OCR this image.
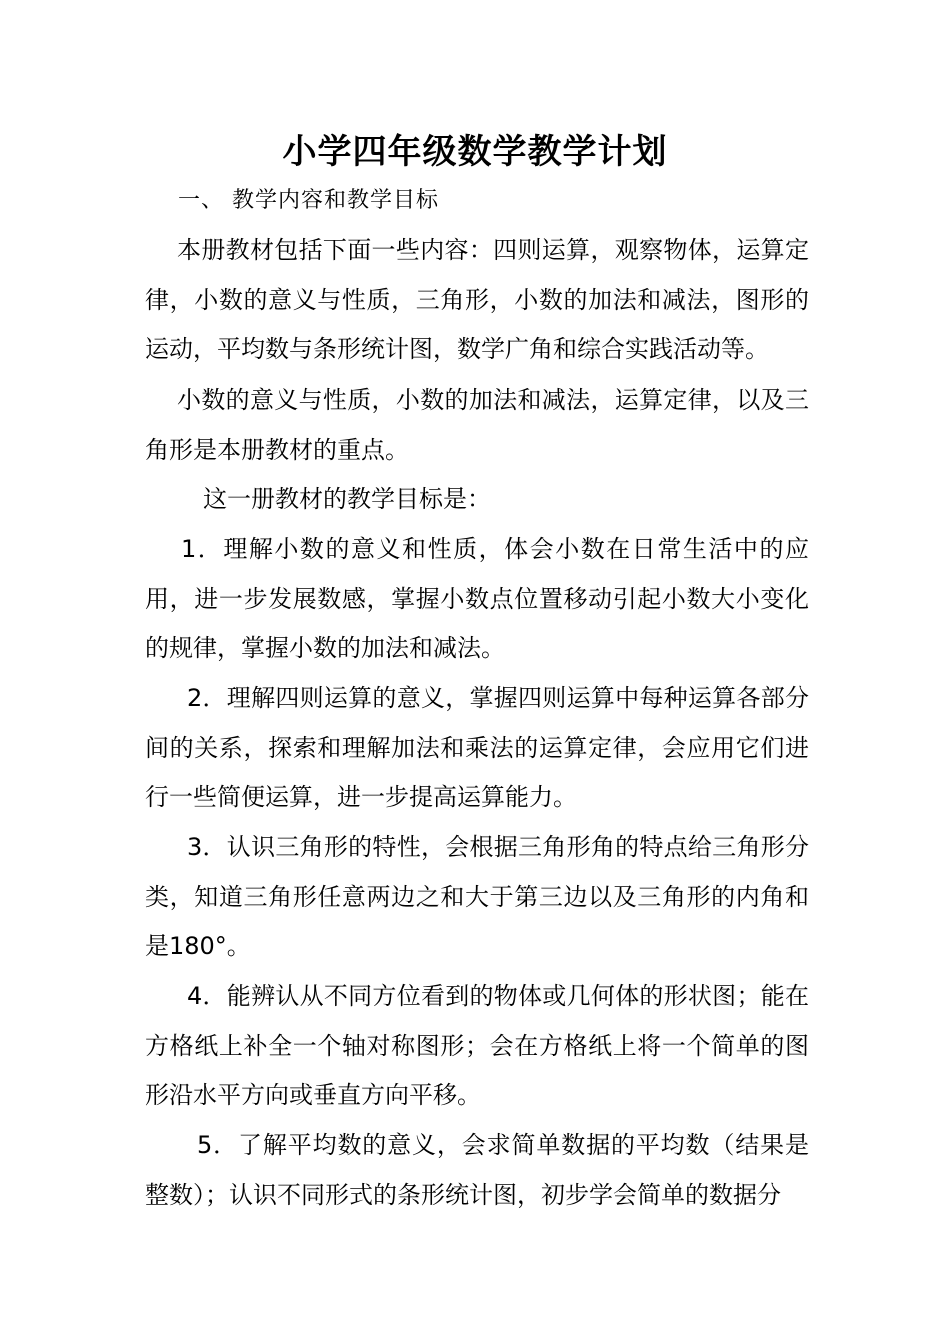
小学四年级数学教学计划
一、 教学内容和教学目标

本册教材包括下面一些内容：四则运算，观察物体，运算定律，小数的意义与性质，三角形，小数的加法和减法，图形的运动，平均数与条形统计图，数学广角和综合实践活动等。

小数的意义与性质，小数的加法和减法，运算定律，以及三角形是本册教材的重点。

这一册教材的教学目标是：

1．理解小数的意义和性质，体会小数在日常生活中的应用，进一步发展数感，掌握小数点位置移动引起小数大小变化的规律，掌握小数的加法和减法。

2．理解四则运算的意义，掌握四则运算中每种运算各部分间的关系，探索和理解加法和乘法的运算定律，会应用它们进行一些简便运算，进一步提高运算能力。

3．认识三角形的特性，会根据三角形角的特点给三角形分类，知道三角形任意两边之和大于第三边以及三角形的内角和是180°。

4．能辨认从不同方位看到的物体或几何体的形状图；能在方格纸上补全一个轴对称图形；会在方格纸上将一个简单的图形沿水平方向或垂直方向平移。

5．了解平均数的意义，会求简单数据的平均数（结果是整数）；认识不同形式的条形统计图，初步学会简单的数据分
